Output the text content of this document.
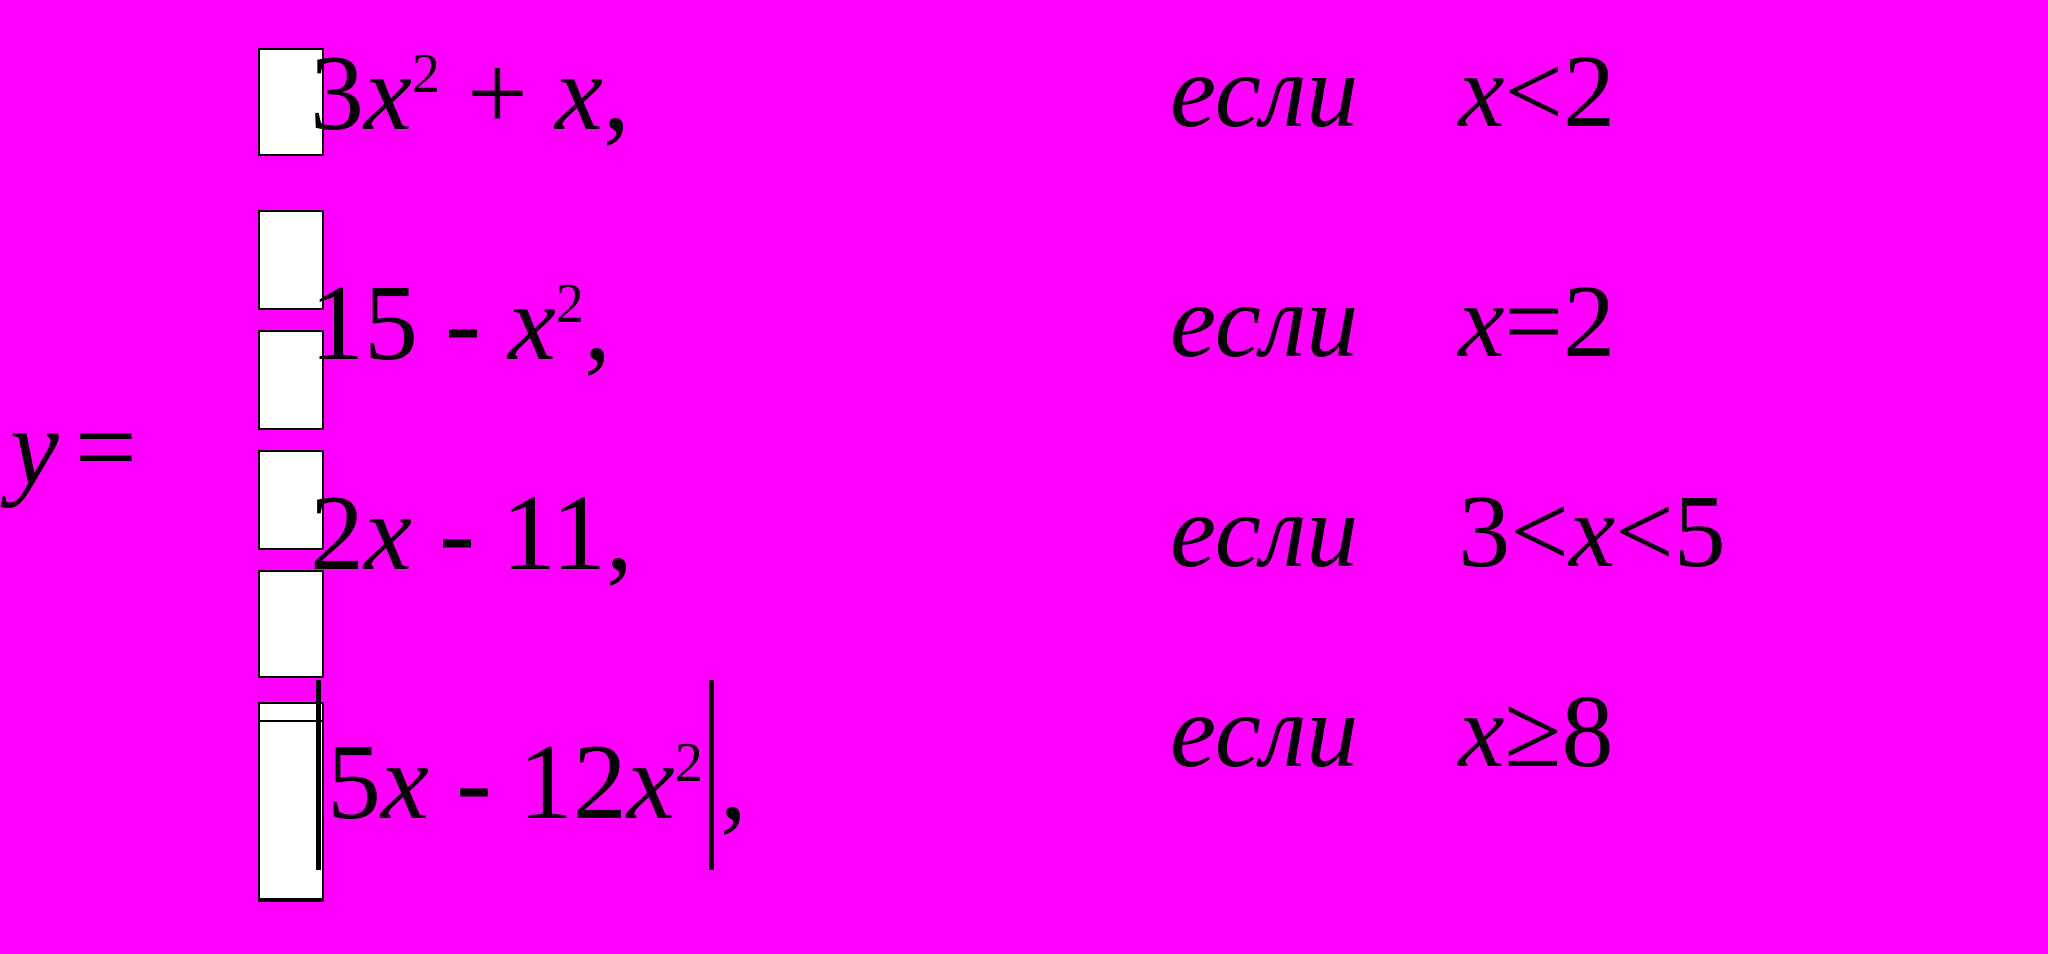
y =
$3x^2 + x$,	если x<2
$15 - x^2$,	если x=2
2x - 11,	если 3<x<5
$5x - 12x^2$ ,	если x≥8
